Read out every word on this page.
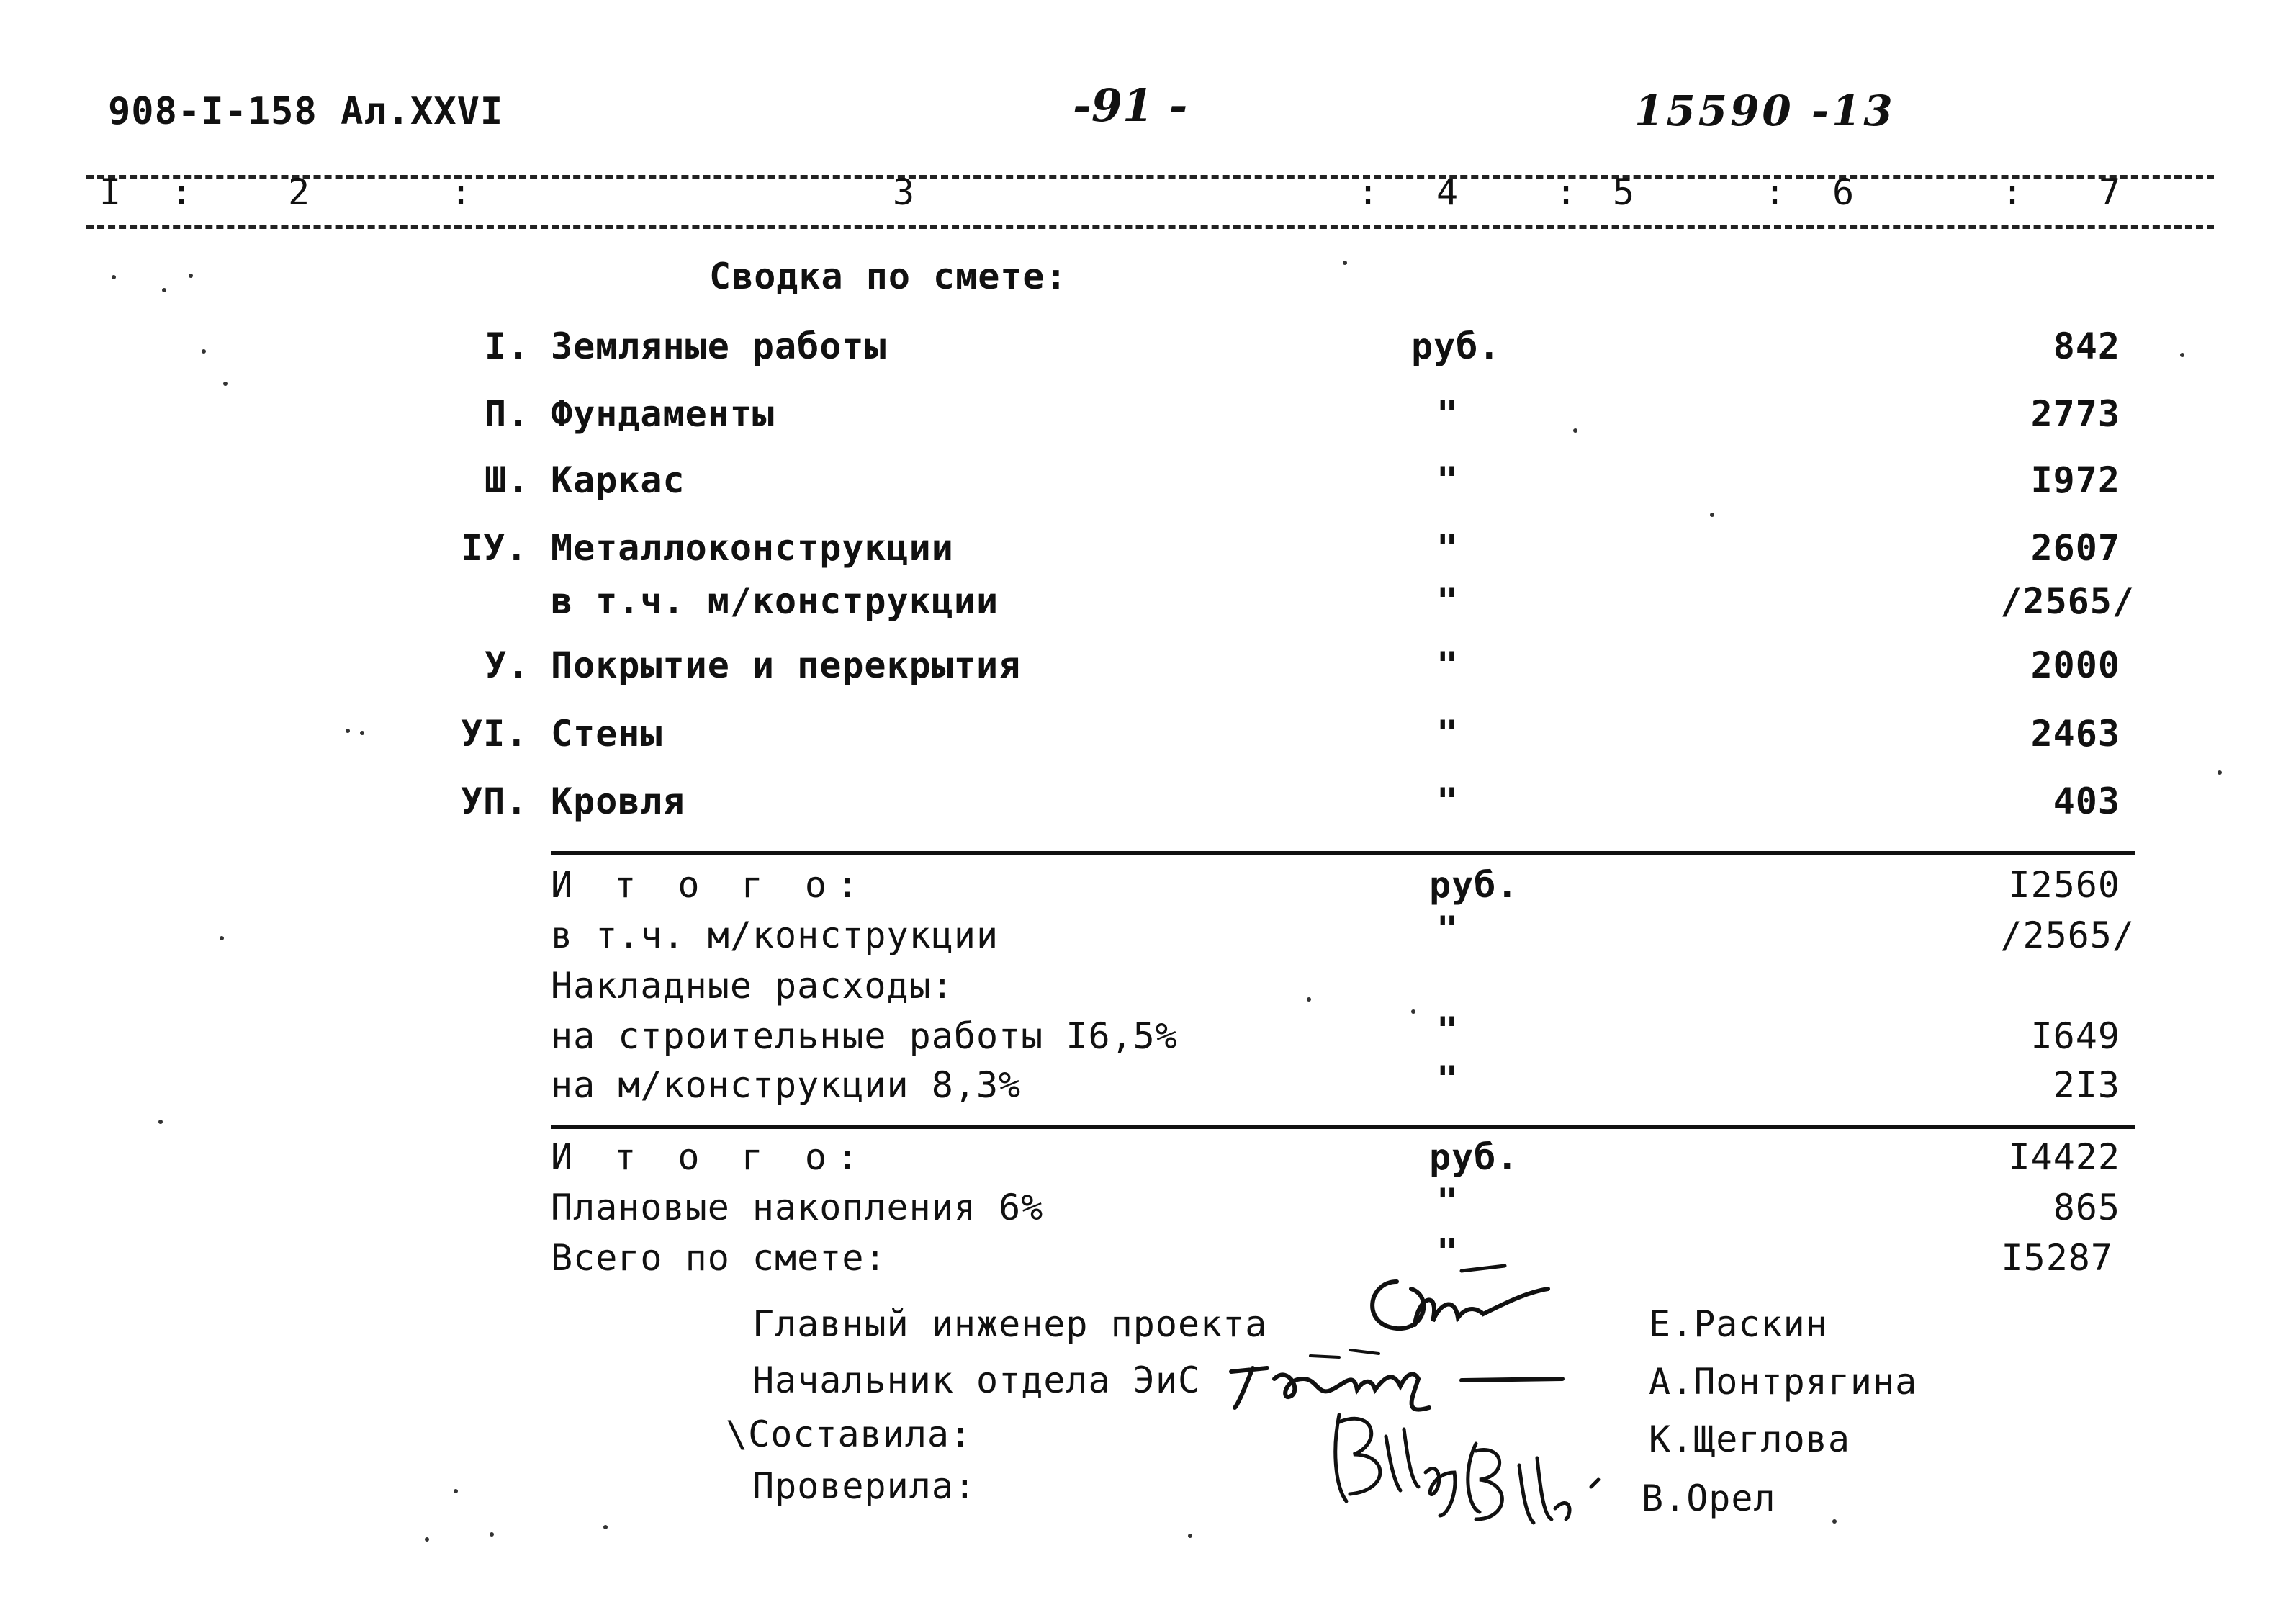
908-I-158 Ал.XXVI	-91 -	15590 -13
I :	2	:	3	: 4	: 5	: 6	: 7
Сводка по смете:
I. Земляные работы	руб.	842
П. Фундаменты	"	2773
Ш. Каркас	"	I972
IУ. Металлоконструкции	"	2607
в т.ч. м/конструкции	"	/2565/
У. Покрытие и перекрытия	"	2000
УI. Стены	"	2463
УП. Кровля	"	403
И т о г о:	руб.	I2560
в т.ч. м/конструкции	"	/2565/
Накладные расходы:
на строительные работы I6,5%	"	I649
на м/конструкции 8,3%	"	2I3
И т о г о:	руб.	I4422
Плановые накопления 6%	"	865
Всего по смете:	"	I5287
Главный инженер проекта	Е.Раскин
Начальник отдела ЭиС	А.Понтрягина
\Составила:	К.Щеглова
Проверила:	В.Орел
